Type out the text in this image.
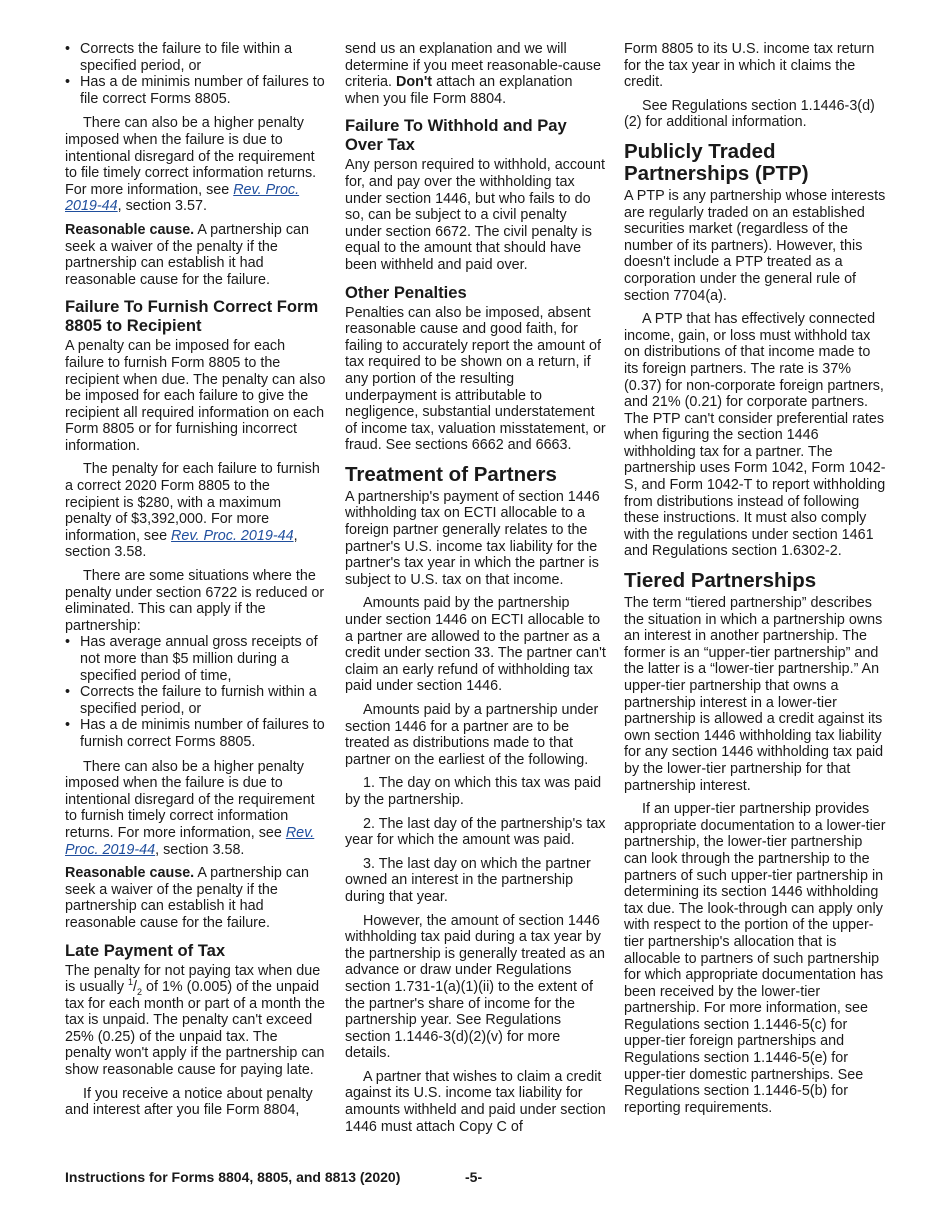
• Corrects the failure to file within a specified period, or
• Has a de minimis number of failures to file correct Forms 8805.

There can also be a higher penalty imposed when the failure is due to intentional disregard of the requirement to file timely correct information returns. For more information, see Rev. Proc. 2019-44, section 3.57.

Reasonable cause. A partnership can seek a waiver of the penalty if the partnership can establish it had reasonable cause for the failure.

Failure To Furnish Correct Form 8805 to Recipient

A penalty can be imposed for each failure to furnish Form 8805 to the recipient when due. The penalty can also be imposed for each failure to give the recipient all required information on each Form 8805 or for furnishing incorrect information.

The penalty for each failure to furnish a correct 2020 Form 8805 to the recipient is $280, with a maximum penalty of $3,392,000. For more information, see Rev. Proc. 2019-44, section 3.58.

There are some situations where the penalty under section 6722 is reduced or eliminated. This can apply if the partnership:

• Has average annual gross receipts of not more than $5 million during a specified period of time,
• Corrects the failure to furnish within a specified period, or
• Has a de minimis number of failures to furnish correct Forms 8805.

There can also be a higher penalty imposed when the failure is due to intentional disregard of the requirement to furnish timely correct information returns. For more information, see Rev. Proc. 2019-44, section 3.58.

Reasonable cause. A partnership can seek a waiver of the penalty if the partnership can establish it had reasonable cause for the failure.

Late Payment of Tax

The penalty for not paying tax when due is usually $^1/_2$ of 1% (0.005) of the unpaid tax for each month or part of a month the tax is unpaid. The penalty can't exceed 25% (0.25) of the unpaid tax. The penalty won't apply if the partnership can show reasonable cause for paying late.

If you receive a notice about penalty and interest after you file Form 8804,

send us an explanation and we will determine if you meet reasonable-cause criteria. Don't attach an explanation when you file Form 8804.

Failure To Withhold and Pay Over Tax

Any person required to withhold, account for, and pay over the withholding tax under section 1446, but who fails to do so, can be subject to a civil penalty under section 6672. The civil penalty is equal to the amount that should have been withheld and paid over.

Other Penalties

Penalties can also be imposed, absent reasonable cause and good faith, for failing to accurately report the amount of tax required to be shown on a return, if any portion of the resulting underpayment is attributable to negligence, substantial understatement of income tax, valuation misstatement, or fraud. See sections 6662 and 6663.

Treatment of Partners

A partnership's payment of section 1446 withholding tax on ECTI allocable to a foreign partner generally relates to the partner's U.S. income tax liability for the partner's tax year in which the partner is subject to U.S. tax on that income.

Amounts paid by the partnership under section 1446 on ECTI allocable to a partner are allowed to the partner as a credit under section 33. The partner can't claim an early refund of withholding tax paid under section 1446.

Amounts paid by a partnership under section 1446 for a partner are to be treated as distributions made to that partner on the earliest of the following.

1. The day on which this tax was paid by the partnership.

2. The last day of the partnership's tax year for which the amount was paid.

3. The last day on which the partner owned an interest in the partnership during that year.

However, the amount of section 1446 withholding tax paid during a tax year by the partnership is generally treated as an advance or draw under Regulations section 1.731-1(a)(1)(ii) to the extent of the partner's share of income for the partnership year. See Regulations section 1.1446-3(d)(2)(v) for more details.

A partner that wishes to claim a credit against its U.S. income tax liability for amounts withheld and paid under section 1446 must attach Copy C of

Form 8805 to its U.S. income tax return for the tax year in which it claims the credit.

See Regulations section 1.1446-3(d)(2) for additional information.

Publicly Traded Partnerships (PTP)

A PTP is any partnership whose interests are regularly traded on an established securities market (regardless of the number of its partners). However, this doesn't include a PTP treated as a corporation under the general rule of section 7704(a).

A PTP that has effectively connected income, gain, or loss must withhold tax on distributions of that income made to its foreign partners. The rate is 37% (0.37) for non-corporate foreign partners, and 21% (0.21) for corporate partners. The PTP can't consider preferential rates when figuring the section 1446 withholding tax for a partner. The partnership uses Form 1042, Form 1042-S, and Form 1042-T to report withholding from distributions instead of following these instructions. It must also comply with the regulations under section 1461 and Regulations section 1.6302-2.

Tiered Partnerships

The term “tiered partnership” describes the situation in which a partnership owns an interest in another partnership. The former is an “upper-tier partnership” and the latter is a “lower-tier partnership.” An upper-tier partnership that owns a partnership interest in a lower-tier partnership is allowed a credit against its own section 1446 withholding tax liability for any section 1446 withholding tax paid by the lower-tier partnership for that partnership interest.

If an upper-tier partnership provides appropriate documentation to a lower-tier partnership, the lower-tier partnership can look through the partnership to the partners of such upper-tier partnership in determining its section 1446 withholding tax due. The look-through can apply only with respect to the portion of the upper-tier partnership's allocation that is allocable to partners of such partnership for which appropriate documentation has been received by the lower-tier partnership. For more information, see Regulations section 1.1446-5(c) for upper-tier foreign partnerships and Regulations section 1.1446-5(e) for upper-tier domestic partnerships. See Regulations section 1.1446-5(b) for reporting requirements.

Instructions for Forms 8804, 8805, and 8813 (2020)	-5-
